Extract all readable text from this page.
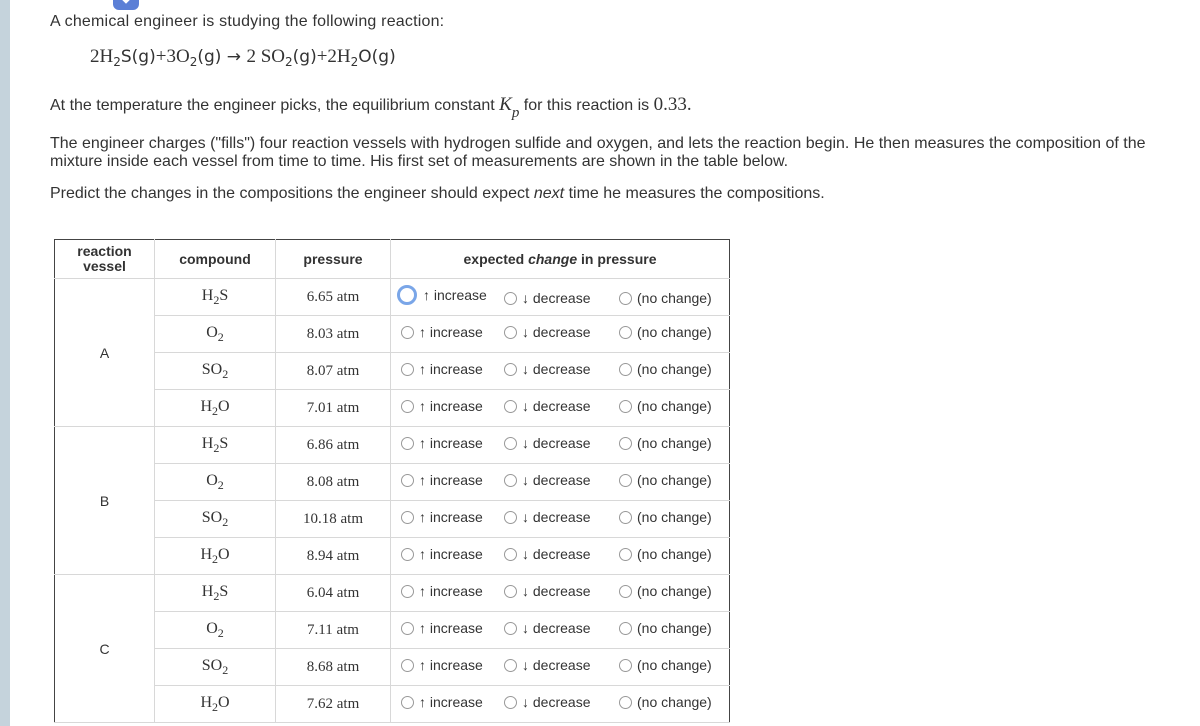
A chemical engineer is studying the following reaction:
$2H_2S(g)+3O_2(g) \to 2$ $SO_2(g)+2H_2O(g)$
At the temperature the engineer picks, the equilibrium constant $K_p$ for this reaction is 0.33.
The engineer charges ("fills") four reaction vessels with hydrogen sulfide and oxygen, and lets the reaction begin. He then measures the composition of the mixture inside each vessel from time to time. His first set of measurements are shown in the table below.
Predict the changes in the compositions the engineer should expect next time he measures the compositions.
reaction
vessel	compound	pressure	expected change in pressure
A	$H_2S$	6.65 atm	↑ increase ↓ decrease (no change)

	$O_2$	8.03 atm	↑ increase ↓ decrease (no change)

	$SO_2$	8.07 atm	↑ increase ↓ decrease (no change)

	$H_2O$	7.01 atm	↑ increase ↓ decrease (no change)

B	$H_2S$	6.86 atm	↑ increase ↓ decrease (no change)

	$O_2$	8.08 atm	↑ increase ↓ decrease (no change)

	$SO_2$	10.18 atm	↑ increase ↓ decrease (no change)

	$H_2O$	8.94 atm	↑ increase ↓ decrease (no change)

C	$H_2S$	6.04 atm	↑ increase ↓ decrease (no change)

	$O_2$	7.11 atm	↑ increase ↓ decrease (no change)

	$SO_2$	8.68 atm	↑ increase ↓ decrease (no change)

	$H_2O$	7.62 atm	↑ increase ↓ decrease (no change)
